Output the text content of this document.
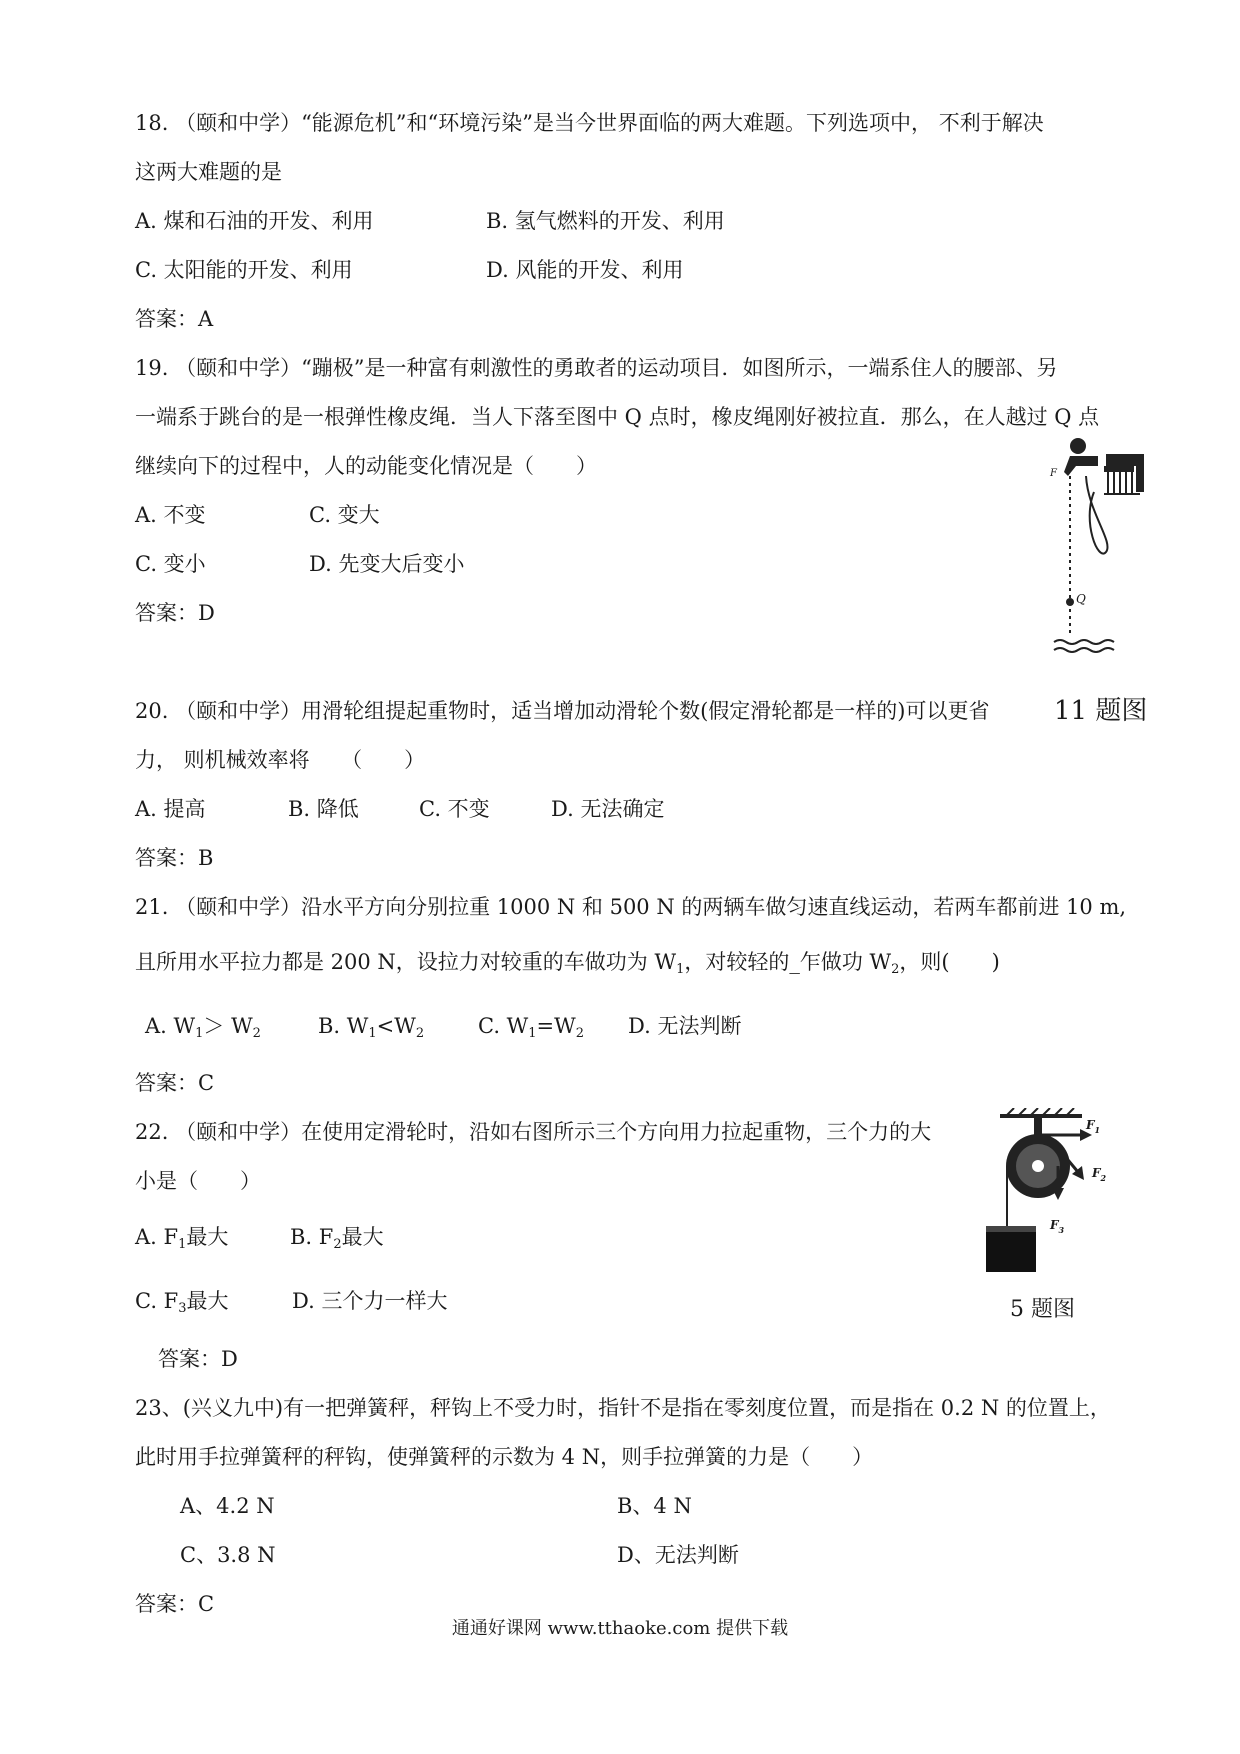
18. （颐和中学）“能源危机”和“环境污染”是当今世界面临的两大难题。下列选项中， 不利于解决
这两大难题的是
A. 煤和石油的开发、利用	B. 氢气燃料的开发、利用
C. 太阳能的开发、利用	D. 风能的开发、利用
答案：A
19. （颐和中学）“蹦极”是一种富有刺激性的勇敢者的运动项目．如图所示，一端系住人的腰部、另
一端系于跳台的是一根弹性橡皮绳．当人下落至图中 Q 点时，橡皮绳刚好被拉直．那么，在人越过 Q 点
继续向下的过程中，人的动能变化情况是（　　）
A. 不变	C. 变大
C. 变小	D. 先变大后变小
答案：D
Q
F
11 题图
20. （颐和中学）用滑轮组提起重物时，适当增加动滑轮个数(假定滑轮都是一样的)可以更省
力， 则机械效率将　　（　　）
A. 提高	B. 降低	C. 不变	D. 无法确定
答案：B
21. （颐和中学）沿水平方向分别拉重 1000 N 和 500 N 的两辆车做匀速直线运动，若两车都前进 10 m,
且所用水平拉力都是 200 N，设拉力对较重的车做功为 $W_1$，对较轻的_乍做功 $W_2$，则(　　)
A. $W_1> W_2$	B. $W_1<W_2$	C. $W_1=W_2$ D. 无法判断
答案：C
22. （颐和中学）在使用定滑轮时，沿如右图所示三个方向用力拉起重物，三个力的大
小是（　　）
A. $F_1$最大	B. $F_2$最大
C. $F_3$最大	D. 三个力一样大
答案：D
$F_1$
$F_2$
$F_3$
5 题图
23、(兴义九中)有一把弹簧秤，秤钩上不受力时，指针不是指在零刻度位置，而是指在 0.2 N 的位置上，
此时用手拉弹簧秤的秤钩，使弹簧秤的示数为 4 N，则手拉弹簧的力是（　　）
A、4.2 N	B、4 N
C、3.8 N	D、无法判断
答案：C
通通好课网 www.tthaoke.com 提供下载
